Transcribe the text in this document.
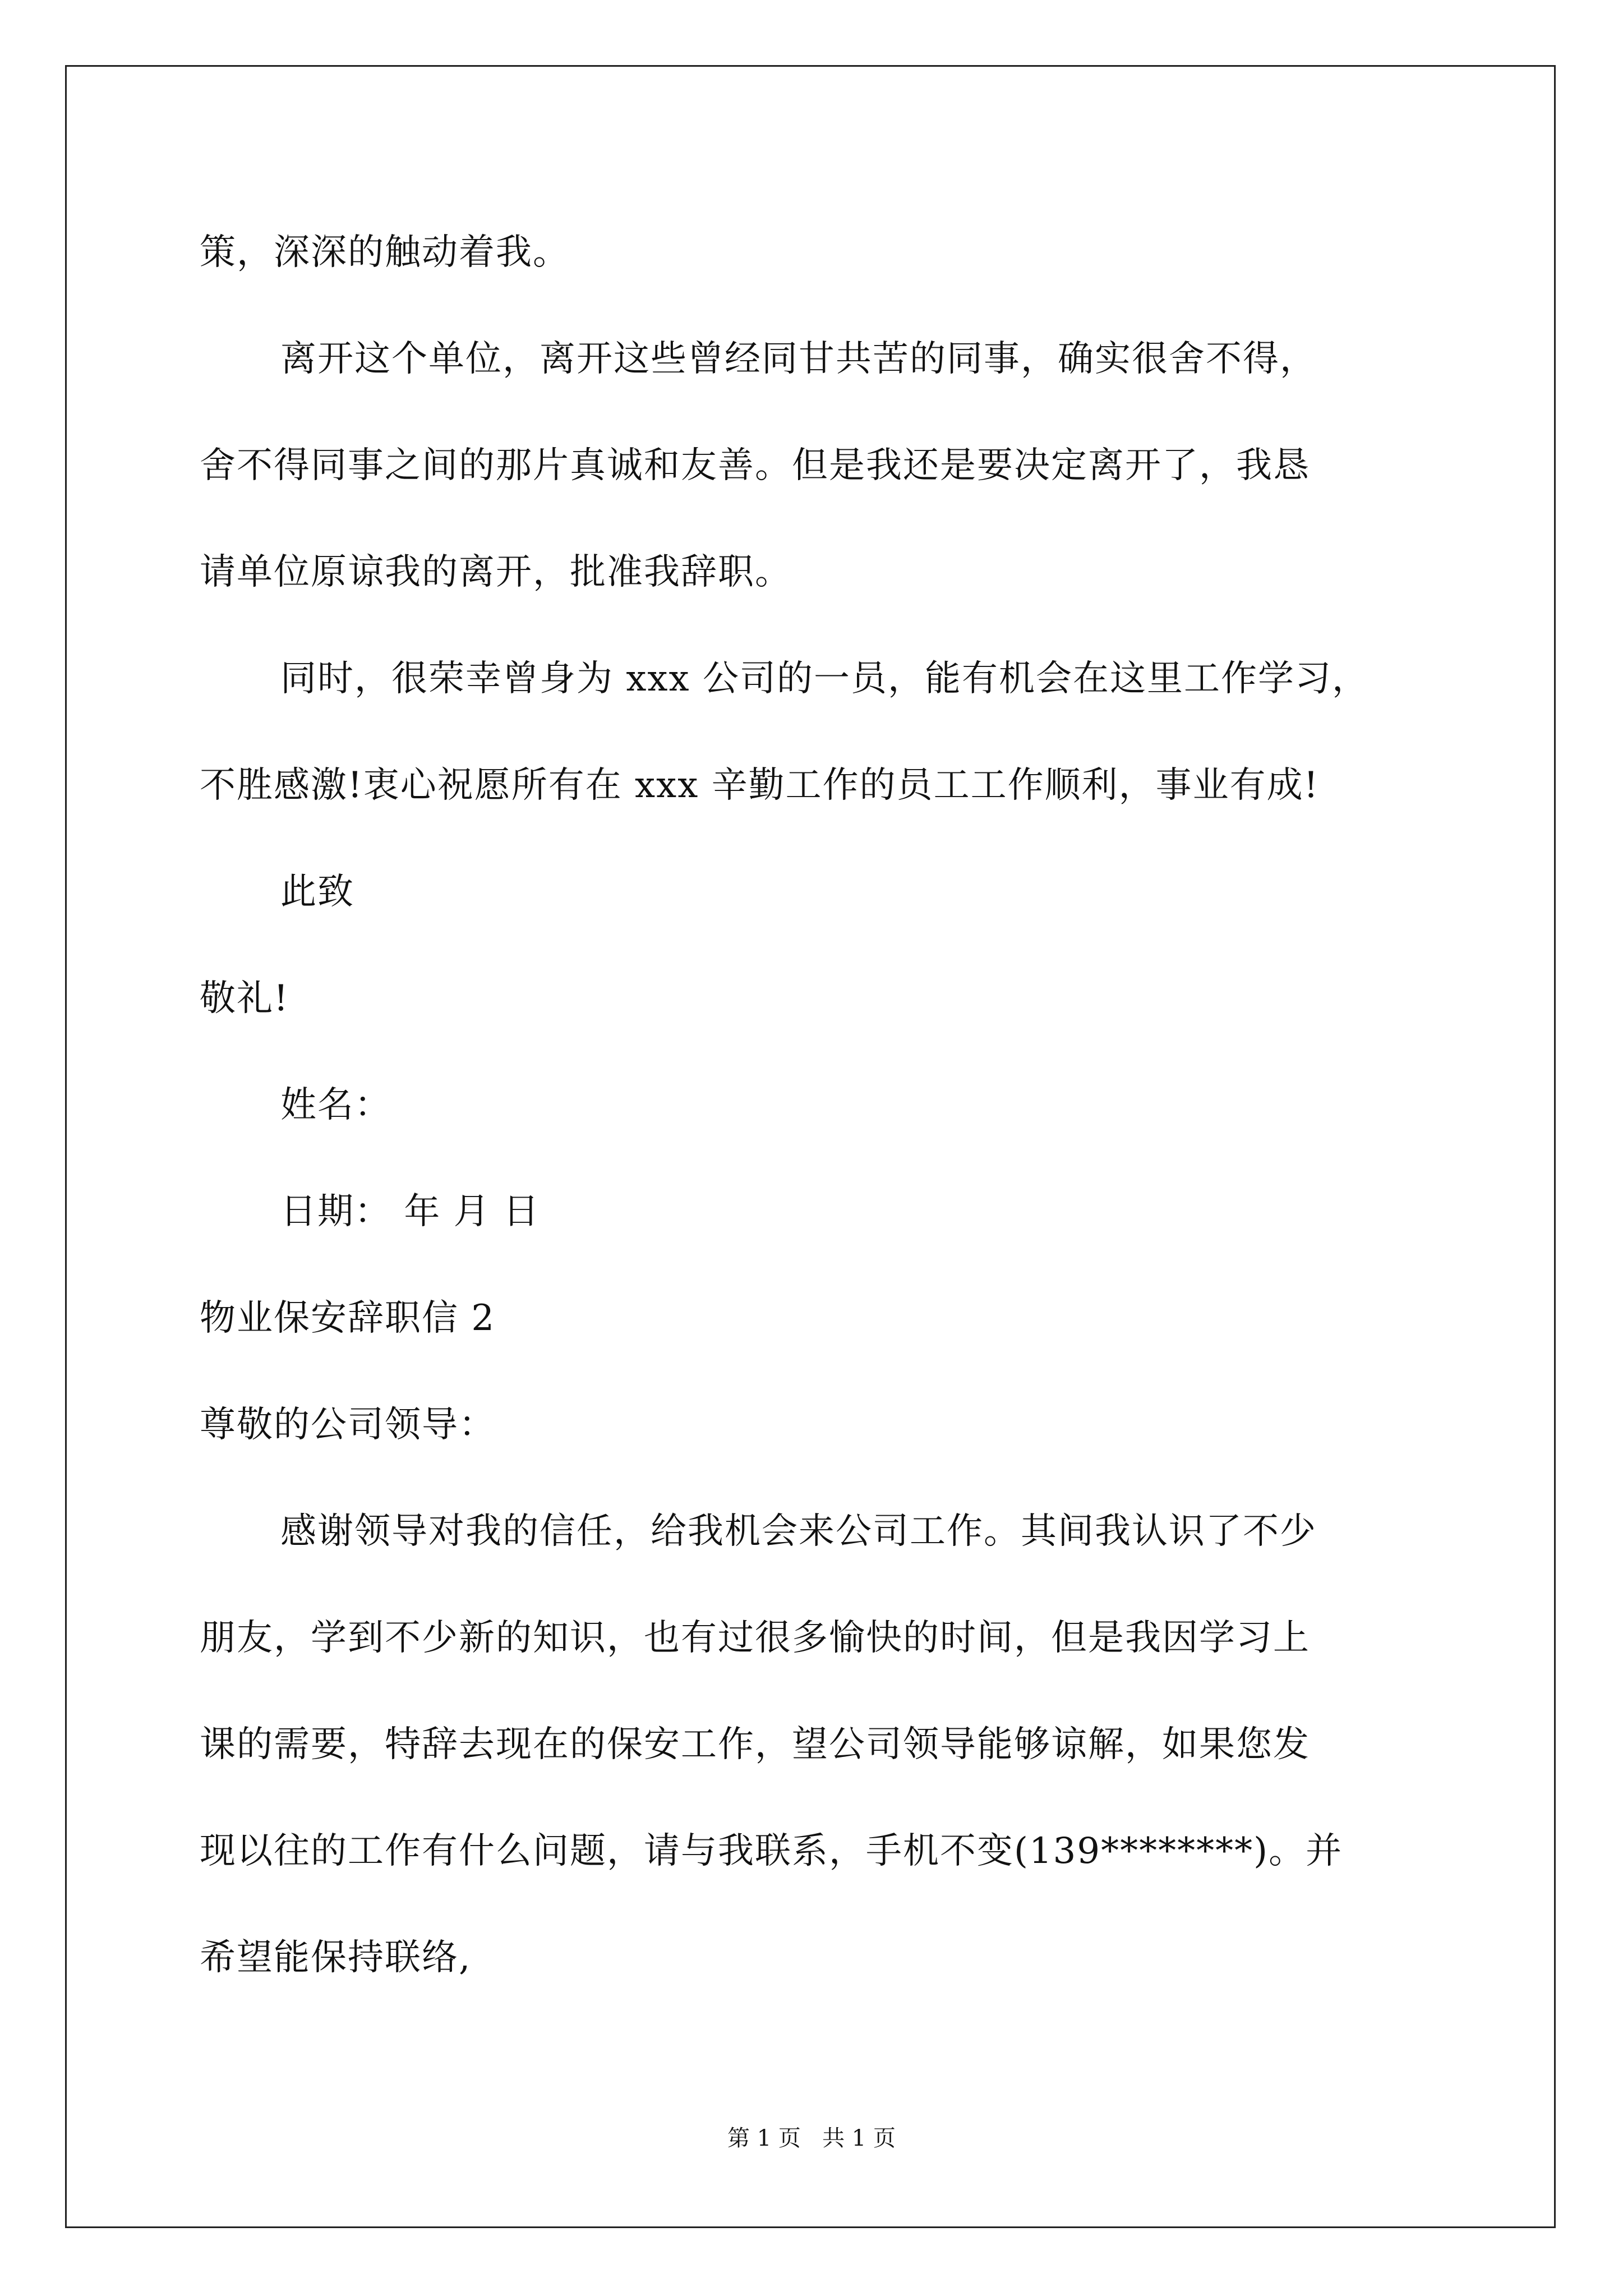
策，深深的触动着我。

离开这个单位，离开这些曾经同甘共苦的同事，确实很舍不得，

舍不得同事之间的那片真诚和友善。但是我还是要决定离开了，我恳

请单位原谅我的离开，批准我辞职。

同时，很荣幸曾身为 xxx 公司的一员，能有机会在这里工作学习，

不胜感激!衷心祝愿所有在 xxx 辛勤工作的员工工作顺利，事业有成!

此致

敬礼!

姓名：

日期： 年 月 日

物业保安辞职信 2

尊敬的公司领导：

感谢领导对我的信任，给我机会来公司工作。其间我认识了不少

朋友，学到不少新的知识，也有过很多愉快的时间，但是我因学习上

课的需要，特辞去现在的保安工作，望公司领导能够谅解，如果您发

现以往的工作有什么问题，请与我联系，手机不变(139********)。并

希望能保持联络,

第 1 页   共 1 页
